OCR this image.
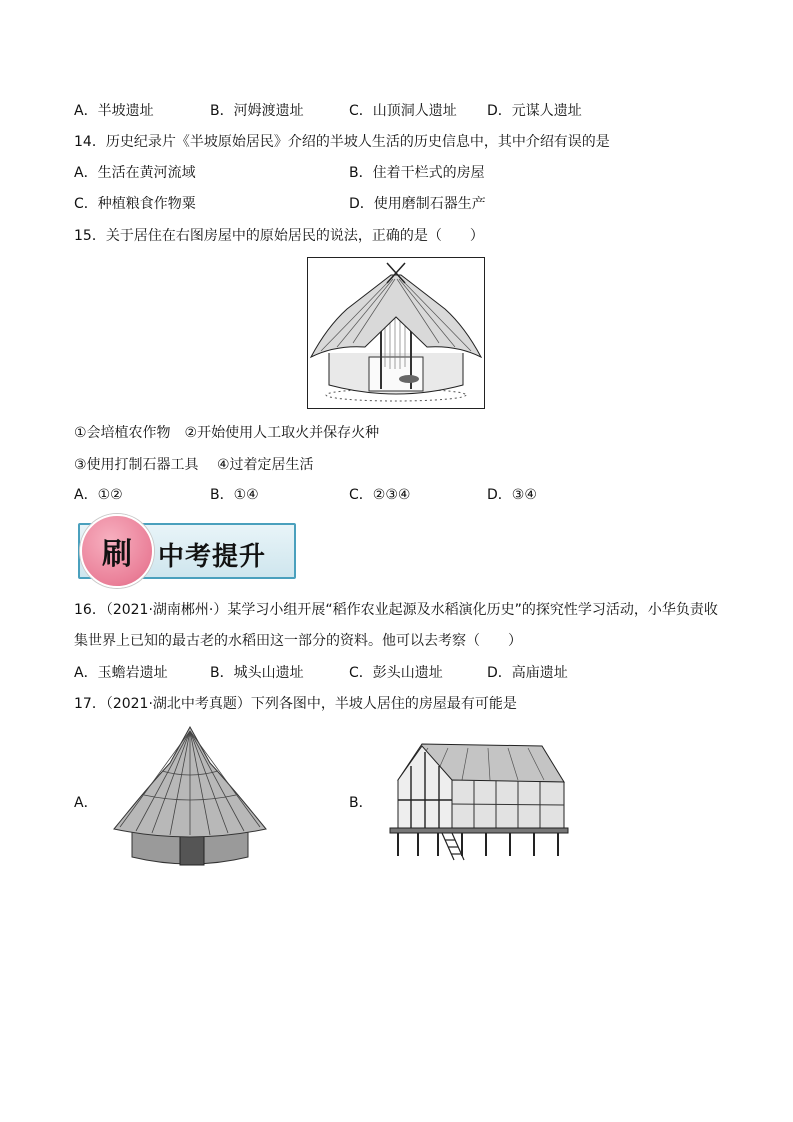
A．半坡遗址	B．河姆渡遗址	C．山顶洞人遗址 D．元谋人遗址
14．历史纪录片《半坡原始居民》介绍的半坡人生活的历史信息中，其中介绍有误的是
A．生活在黄河流域	B．住着干栏式的房屋
C．种植粮食作物粟	D．使用磨制石器生产
15．关于居住在右图房屋中的原始居民的说法，正确的是（　　）
①会培植农作物　②开始使用人工取火并保存火种
③使用打制石器工具　 ④过着定居生活
A．①②	B．①④	C．②③④	D．③④
刷 中考提升
16．（2021·湖南郴州·）某学习小组开展“稻作农业起源及水稻演化历史”的探究性学习活动，小华负责收
集世界上已知的最古老的水稻田这一部分的资料。他可以去考察（　　）
A．玉蟾岩遗址	B．城头山遗址	C．彭头山遗址	D．高庙遗址
17．（2021·湖北中考真题）下列各图中，半坡人居住的房屋最有可能是
A．	B．
